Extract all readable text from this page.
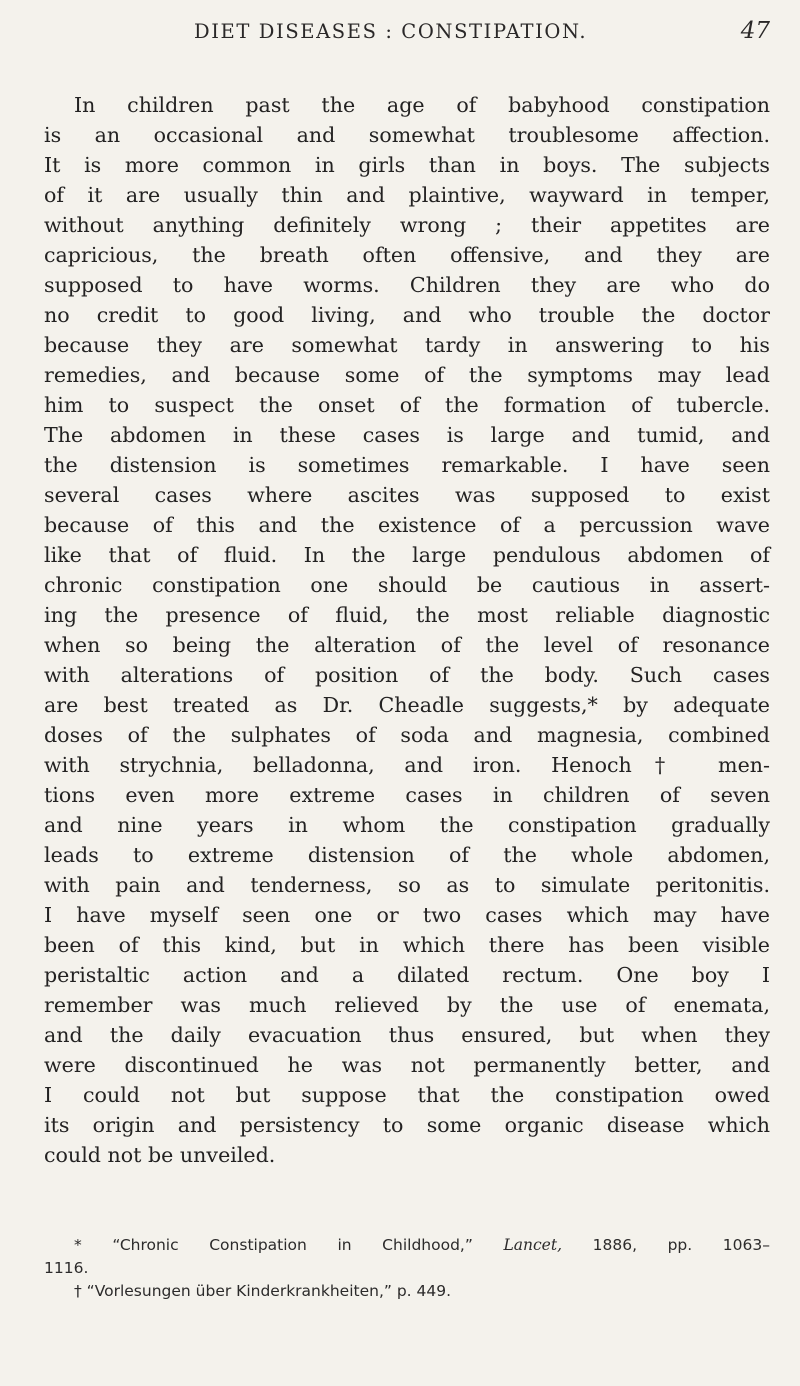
DIET DISEASES : CONSTIPATION.	47
In children past the age of babyhood constipation
is an occasional and somewhat troublesome affection.
It is more common in girls than in boys. The subjects
of it are usually thin and plaintive, wayward in temper,
without anything definitely wrong ; their appetites are
capricious, the breath often offensive, and they are
supposed to have worms. Children they are who do
no credit to good living, and who trouble the doctor
because they are somewhat tardy in answering to his
remedies, and because some of the symptoms may lead
him to suspect the onset of the formation of tubercle.
The abdomen in these cases is large and tumid, and
the distension is sometimes remarkable. I have seen
several cases where ascites was supposed to exist
because of this and the existence of a percussion wave
like that of fluid. In the large pendulous abdomen of
chronic constipation one should be cautious in assert-
ing the presence of fluid, the most reliable diagnostic
when so being the alteration of the level of resonance
with alterations of position of the body. Such cases
are best treated as Dr. Cheadle suggests,* by adequate
doses of the sulphates of soda and magnesia, combined
with strychnia, belladonna, and iron. Henoch† men-
tions even more extreme cases in children of seven
and nine years in whom the constipation gradually
leads to extreme distension of the whole abdomen,
with pain and tenderness, so as to simulate peritonitis.
I have myself seen one or two cases which may have
been of this kind, but in which there has been visible
peristaltic action and a dilated rectum. One boy I
remember was much relieved by the use of enemata,
and the daily evacuation thus ensured, but when they
were discontinued he was not permanently better, and
I could not but suppose that the constipation owed
its origin and persistency to some organic disease which
could not be unveiled.
* “Chronic Constipation in Childhood,” Lancet, 1886, pp. 1063–
1116.
† “Vorlesungen über Kinderkrankheiten,” p. 449.
